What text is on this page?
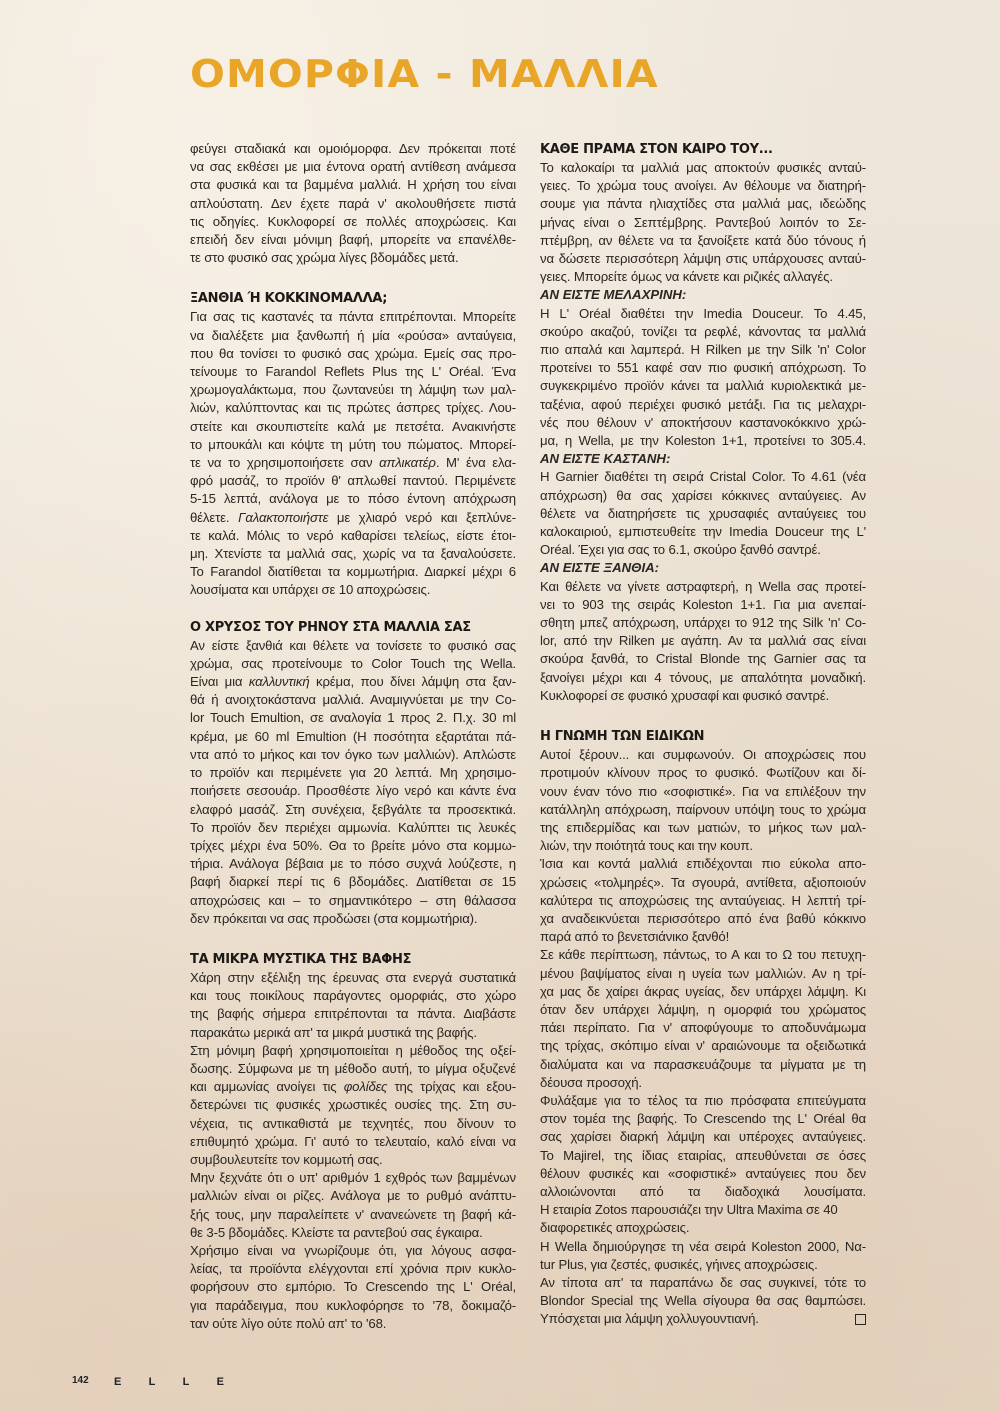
ΟΜΟΡΦΙΑ - ΜΑΛΛΙΑ
φεύγει σταδιακά και ομοιόμορφα. Δεν πρόκειται ποτέ
να σας εκθέσει με μια έντονα ορατή αντίθεση ανάμεσα
στα φυσικά και τα βαμμένα μαλλιά. Η χρήση του είναι
απλούστατη. Δεν έχετε παρά ν' ακολουθήσετε πιστά
τις οδηγίες. Κυκλοφορεί σε πολλές αποχρώσεις. Και
επειδή δεν είναι μόνιμη βαφή, μπορείτε να επανέλθε-
τε στο φυσικό σας χρώμα λίγες βδομάδες μετά.
ΞΑΝΘΙΑ Ή ΚΟΚΚΙΝΟΜΑΛΛΑ;
Για σας τις καστανές τα πάντα επιτρέπονται. Μπορείτε
να διαλέξετε μια ξανθωπή ή μία «ρούσα» ανταύγεια,
που θα τονίσει το φυσικό σας χρώμα. Εμείς σας προ-
τείνουμε το Farandol Reflets Plus της L' Oréal. Ένα
χρωμογαλάκτωμα, που ζωντανεύει τη λάμψη των μαλ-
λιών, καλύπτοντας και τις πρώτες άσπρες τρίχες. Λου-
στείτε και σκουπιστείτε καλά με πετσέτα. Ανακινήστε
το μπουκάλι και κόψτε τη μύτη του πώματος. Μπορεί-
τε να το χρησιμοποιήσετε σαν απλικατέρ. Μ' ένα ελα-
φρό μασάζ, το προϊόν θ' απλωθεί παντού. Περιμένετε
5-15 λεπτά, ανάλογα με το πόσο έντονη απόχρωση
θέλετε. Γαλακτοποιήστε με χλιαρό νερό και ξεπλύνε-
τε καλά. Μόλις το νερό καθαρίσει τελείως, είστε έτοι-
μη. Χτενίστε τα μαλλιά σας, χωρίς να τα ξαναλούσετε.
Το Farandol διατίθεται τα κομμωτήρια. Διαρκεί μέχρι 6
λουσίματα και υπάρχει σε 10 αποχρώσεις.
Ο ΧΡΥΣΟΣ ΤΟΥ ΡΗΝΟΥ ΣΤΑ ΜΑΛΛΙΑ ΣΑΣ
Αν είστε ξανθιά και θέλετε να τονίσετε το φυσικό σας
χρώμα, σας προτείνουμε το Color Touch της Wella.
Είναι μια καλλυντική κρέμα, που δίνει λάμψη στα ξαν-
θά ή ανοιχτοκάστανα μαλλιά. Αναμιγνύεται με την Co-
lor Touch Emultion, σε αναλογία 1 προς 2. Π.χ. 30 ml
κρέμα, με 60 ml Emultion (Η ποσότητα εξαρτάται πά-
ντα από το μήκος και τον όγκο των μαλλιών). Απλώστε
το προϊόν και περιμένετε για 20 λεπτά. Μη χρησιμο-
ποιήσετε σεσουάρ. Προσθέστε λίγο νερό και κάντε ένα
ελαφρό μασάζ. Στη συνέχεια, ξεβγάλτε τα προσεκτικά.
Το προϊόν δεν περιέχει αμμωνία. Καλύπτει τις λευκές
τρίχες μέχρι ένα 50%. Θα το βρείτε μόνο στα κομμω-
τήρια. Ανάλογα βέβαια με το πόσο συχνά λούζεστε, η
βαφή διαρκεί περί τις 6 βδομάδες. Διατίθεται σε 15
αποχρώσεις και – το σημαντικότερο – στη θάλασσα
δεν πρόκειται να σας προδώσει (στα κομμωτήρια).
ΤΑ ΜΙΚΡΑ ΜΥΣΤΙΚΑ ΤΗΣ ΒΑΦΗΣ
Χάρη στην εξέλιξη της έρευνας στα ενεργά συστατικά
και τους ποικίλους παράγοντες ομορφιάς, στο χώρο
της βαφής σήμερα επιτρέπονται τα πάντα. Διαβάστε
παρακάτω μερικά απ' τα μικρά μυστικά της βαφής.
Στη μόνιμη βαφή χρησιμοποιείται η μέθοδος της οξεί-
δωσης. Σύμφωνα με τη μέθοδο αυτή, το μίγμα οξυζενέ
και αμμωνίας ανοίγει τις φολίδες της τρίχας και εξου-
δετερώνει τις φυσικές χρωστικές ουσίες της. Στη συ-
νέχεια, τις αντικαθιστά με τεχνητές, που δίνουν το
επιθυμητό χρώμα. Γι' αυτό το τελευταίο, καλό είναι να
συμβουλευτείτε τον κομμωτή σας.
Μην ξεχνάτε ότι ο υπ' αριθμόν 1 εχθρός των βαμμένων
μαλλιών είναι οι ρίζες. Ανάλογα με το ρυθμό ανάπτυ-
ξής τους, μην παραλείπετε ν' ανανεώνετε τη βαφή κά-
θε 3-5 βδομάδες. Κλείστε τα ραντεβού σας έγκαιρα.
Χρήσιμο είναι να γνωρίζουμε ότι, για λόγους ασφα-
λείας, τα προϊόντα ελέγχονται επί χρόνια πριν κυκλο-
φορήσουν στο εμπόριο. Το Crescendo της L' Oréal,
για παράδειγμα, που κυκλοφόρησε το '78, δοκιμαζό-
ταν ούτε λίγο ούτε πολύ απ' το '68.
ΚΑΘΕ ΠΡΑΜΑ ΣΤΟΝ ΚΑΙΡΟ ΤΟΥ...
Το καλοκαίρι τα μαλλιά μας αποκτούν φυσικές ανταύ-
γειες. Το χρώμα τους ανοίγει. Αν θέλουμε να διατηρή-
σουμε για πάντα ηλιαχτίδες στα μαλλιά μας, ιδεώδης
μήνας είναι ο Σεπτέμβρης. Ραντεβού λοιπόν το Σε-
πτέμβρη, αν θέλετε να τα ξανοίξετε κατά δύο τόνους ή
να δώσετε περισσότερη λάμψη στις υπάρχουσες ανταύ-
γειες. Μπορείτε όμως να κάνετε και ριζικές αλλαγές.
ΑΝ ΕΙΣΤΕ ΜΕΛΑΧΡΙΝΗ:
Η L' Oréal διαθέτει την Imedia Douceur. Το 4.45,
σκούρο ακαζού, τονίζει τα ρεφλέ, κάνοντας τα μαλλιά
πιο απαλά και λαμπερά. Η Rilken με την Silk 'n' Color
προτείνει το 551 καφέ σαν πιο φυσική απόχρωση. Το
συγκεκριμένο προϊόν κάνει τα μαλλιά κυριολεκτικά με-
ταξένια, αφού περιέχει φυσικό μετάξι. Για τις μελαχρι-
νές που θέλουν ν' αποκτήσουν καστανοκόκκινο χρώ-
μα, η Wella, με την Koleston 1+1, προτείνει το 305.4.
ΑΝ ΕΙΣΤΕ ΚΑΣΤΑΝΗ:
Η Garnier διαθέτει τη σειρά Cristal Color. Το 4.61 (νέα
απόχρωση) θα σας χαρίσει κόκκινες ανταύγειες. Αν
θέλετε να διατηρήσετε τις χρυσαφιές ανταύγειες του
καλοκαιριού, εμπιστευθείτε την Imedia Douceur της L'
Oréal. Έχει για σας το 6.1, σκούρο ξανθό σαντρέ.
ΑΝ ΕΙΣΤΕ ΞΑΝΘΙΑ:
Και θέλετε να γίνετε αστραφτερή, η Wella σας προτεί-
νει το 903 της σειράς Koleston 1+1. Για μια ανεπαί-
σθητη μπεζ απόχρωση, υπάρχει το 912 της Silk 'n' Co-
lor, από την Rilken με αγάπη. Αν τα μαλλιά σας είναι
σκούρα ξανθά, το Cristal Blonde της Garnier σας τα
ξανοίγει μέχρι και 4 τόνους, με απαλότητα μοναδική.
Κυκλοφορεί σε φυσικό χρυσαφί και φυσικό σαντρέ.
Η ΓΝΩΜΗ ΤΩΝ ΕΙΔΙΚΩΝ
Αυτοί ξέρουν... και συμφωνούν. Οι αποχρώσεις που
προτιμούν κλίνουν προς το φυσικό. Φωτίζουν και δί-
νουν έναν τόνο πιο «σοφιστικέ». Για να επιλέξουν την
κατάλληλη απόχρωση, παίρνουν υπόψη τους το χρώμα
της επιδερμίδας και των ματιών, το μήκος των μαλ-
λιών, την ποιότητά τους και την κουπ.
Ίσια και κοντά μαλλιά επιδέχονται πιο εύκολα απο-
χρώσεις «τολμηρές». Τα σγουρά, αντίθετα, αξιοποιούν
καλύτερα τις αποχρώσεις της ανταύγειας. Η λεπτή τρί-
χα αναδεικνύεται περισσότερο από ένα βαθύ κόκκινο
παρά από το βενετσιάνικο ξανθό!
Σε κάθε περίπτωση, πάντως, το Α και το Ω του πετυχη-
μένου βαψίματος είναι η υγεία των μαλλιών. Αν η τρί-
χα μας δε χαίρει άκρας υγείας, δεν υπάρχει λάμψη. Κι
όταν δεν υπάρχει λάμψη, η ομορφιά του χρώματος
πάει περίπατο. Για ν' αποφύγουμε το αποδυνάμωμα
της τρίχας, σκόπιμο είναι ν' αραιώνουμε τα οξειδωτικά
διαλύματα και να παρασκευάζουμε τα μίγματα με τη
δέουσα προσοχή.
Φυλάξαμε για το τέλος τα πιο πρόσφατα επιτεύγματα
στον τομέα της βαφής. Το Crescendo της L' Oréal θα
σας χαρίσει διαρκή λάμψη και υπέροχες ανταύγειες.
Το Majirel, της ίδιας εταιρίας, απευθύνεται σε όσες
θέλουν φυσικές και «σοφιστικέ» ανταύγειες που δεν
αλλοιώνονται από τα διαδοχικά λουσίματα.
Η εταιρία Zotos παρουσιάζει την Ultra Maxima σε 40
διαφορετικές αποχρώσεις.
Η Wella δημιούργησε τη νέα σειρά Koleston 2000, Να-
tur Plus, για ζεστές, φυσικές, γήινες αποχρώσεις.
Αν τίποτα απ' τα παραπάνω δε σας συγκινεί, τότε το
Blondor Special της Wella σίγουρα θα σας θαμπώσει.
Υπόσχεται μια λάμψη χολλυγουντιανή.
142 E L L E
